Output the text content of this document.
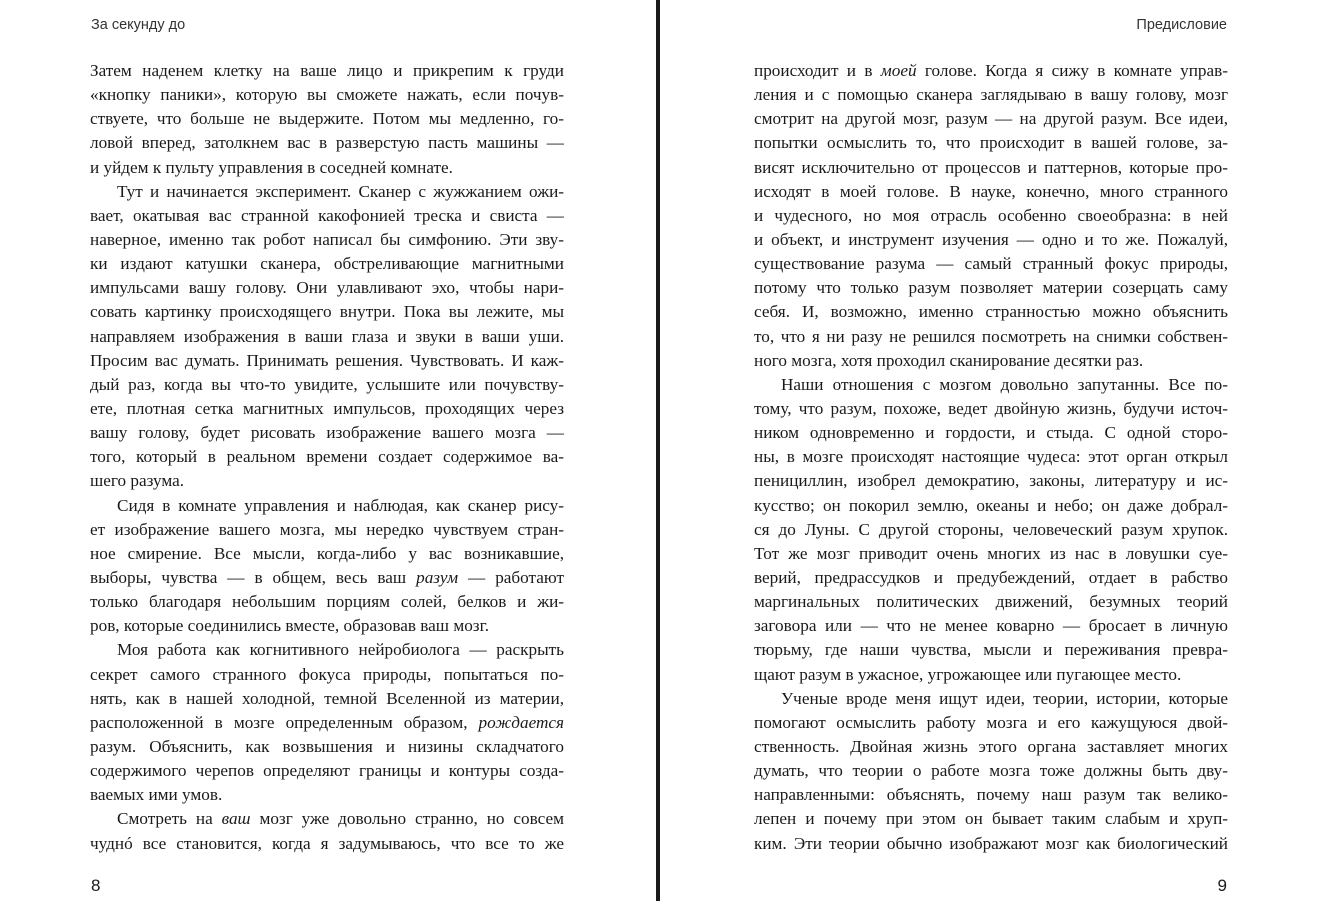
За секунду до
Затем наденем клетку на ваше лицо и прикрепим к груди
«кнопку паники», которую вы сможете нажать, если почув-
ствуете, что больше не выдержите. Потом мы медленно, го-
ловой вперед, затолкнем вас в разверстую пасть машины —
и уйдем к пульту управления в соседней комнате.
Тут и начинается эксперимент. Сканер с жужжанием ожи-
вает, окатывая вас странной какофонией треска и свиста —
наверное, именно так робот написал бы симфонию. Эти зву-
ки издают катушки сканера, обстреливающие магнитными
импульсами вашу голову. Они улавливают эхо, чтобы нари-
совать картинку происходящего внутри. Пока вы лежите, мы
направляем изображения в ваши глаза и звуки в ваши уши.
Просим вас думать. Принимать решения. Чувствовать. И каж-
дый раз, когда вы что-то увидите, услышите или почувству-
ете, плотная сетка магнитных импульсов, проходящих через
вашу голову, будет рисовать изображение вашего мозга —
того, который в реальном времени создает содержимое ва-
шего разума.
Сидя в комнате управления и наблюдая, как сканер рису-
ет изображение вашего мозга, мы нередко чувствуем стран-
ное смирение. Все мысли, когда-либо у вас возникавшие,
выборы, чувства — в общем, весь ваш разум — работают
только благодаря небольшим порциям солей, белков и жи-
ров, которые соединились вместе, образовав ваш мозг.
Моя работа как когнитивного нейробиолога — раскрыть
секрет самого странного фокуса природы, попытаться по-
нять, как в нашей холодной, темной Вселенной из материи,
расположенной в мозге определенным образом, рождается
разум. Объяснить, как возвышения и низины складчатого
содержимого черепов определяют границы и контуры созда-
ваемых ими умов.
Смотреть на ваш мозг уже довольно странно, но совсем
чуднó все становится, когда я задумываюсь, что все то же
8
Предисловие
происходит и в моей голове. Когда я сижу в комнате управ-
ления и с помощью сканера заглядываю в вашу голову, мозг
смотрит на другой мозг, разум — на другой разум. Все идеи,
попытки осмыслить то, что происходит в вашей голове, за-
висят исключительно от процессов и паттернов, которые про-
исходят в моей голове. В науке, конечно, много странного
и чудесного, но моя отрасль особенно своеобразна: в ней
и объект, и инструмент изучения — одно и то же. Пожалуй,
существование разума — самый странный фокус природы,
потому что только разум позволяет материи созерцать саму
себя. И, возможно, именно странностью можно объяснить
то, что я ни разу не решился посмотреть на снимки собствен-
ного мозга, хотя проходил сканирование десятки раз.
Наши отношения с мозгом довольно запутанны. Все по-
тому, что разум, похоже, ведет двойную жизнь, будучи источ-
ником одновременно и гордости, и стыда. С одной сторо-
ны, в мозге происходят настоящие чудеса: этот орган открыл
пенициллин, изобрел демократию, законы, литературу и ис-
кусство; он покорил землю, океаны и небо; он даже добрал-
ся до Луны. С другой стороны, человеческий разум хрупок.
Тот же мозг приводит очень многих из нас в ловушки суе-
верий, предрассудков и предубеждений, отдает в рабство
маргинальных политических движений, безумных теорий
заговора или — что не менее коварно — бросает в личную
тюрьму, где наши чувства, мысли и переживания превра-
щают разум в ужасное, угрожающее или пугающее место.
Ученые вроде меня ищут идеи, теории, истории, которые
помогают осмыслить работу мозга и его кажущуюся двой-
ственность. Двойная жизнь этого органа заставляет многих
думать, что теории о работе мозга тоже должны быть дву-
направленными: объяснять, почему наш разум так велико-
лепен и почему при этом он бывает таким слабым и хруп-
ким. Эти теории обычно изображают мозг как биологический
9
